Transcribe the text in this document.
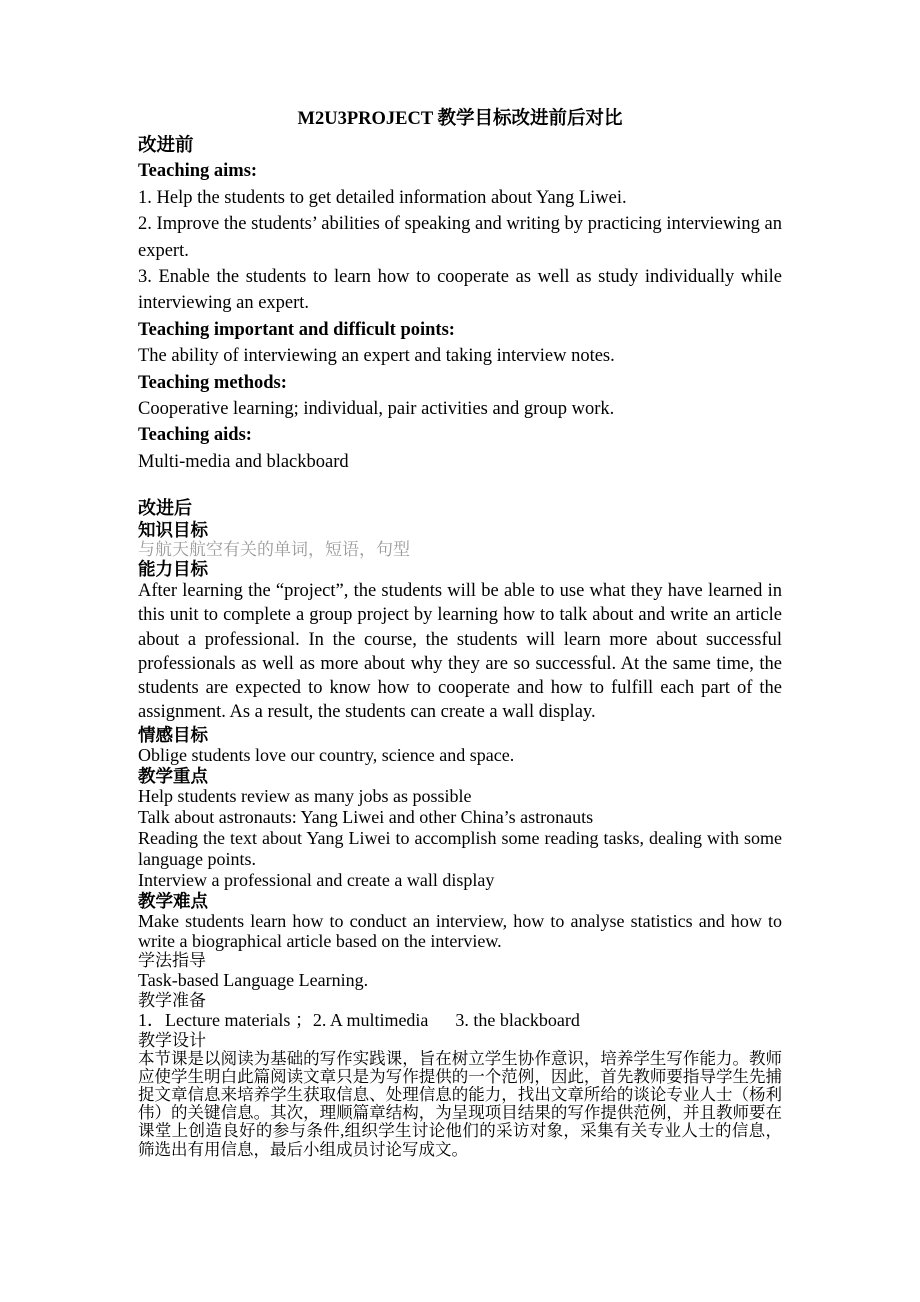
M2U3PROJECT 教学目标改进前后对比

改进前

Teaching aims:

1. Help the students to get detailed information about Yang Liwei.

2. Improve the students’ abilities of speaking and writing by practicing interviewing an expert.

3. Enable the students to learn how to cooperate as well as study individually while interviewing an expert.

Teaching important and difficult points:

The ability of interviewing an expert and taking interview notes.

Teaching methods:

Cooperative learning; individual, pair activities and group work.

Teaching aids:

Multi-media and blackboard

改进后

知识目标

与航天航空有关的单词，短语，句型

能力目标

After learning the “project”, the students will be able to use what they have learned in this unit to complete a group project by learning how to talk about and write an article about a professional. In the course, the students will learn more about successful professionals as well as more about why they are so successful. At the same time, the students are expected to know how to cooperate and how to fulfill each part of the assignment. As a result, the students can create a wall display.

情感目标

Oblige students love our country, science and space.

教学重点

Help students review as many jobs as possible

Talk about astronauts: Yang Liwei and other China’s astronauts

Reading the text about Yang Liwei to accomplish some reading tasks, dealing with some language points.

Interview a professional and create a wall display

教学难点

Make students learn how to conduct an interview, how to analyse statistics and how to write a biographical article based on the interview.

学法指导

Task-based Language Learning.

教学准备

1．Lecture materials ；2. A multimedia      3. the blackboard

教学设计

本节课是以阅读为基础的写作实践课，旨在树立学生协作意识，培养学生写作能力。教师应使学生明白此篇阅读文章只是为写作提供的一个范例，因此，首先教师要指导学生先捕捉文章信息来培养学生获取信息、处理信息的能力，找出文章所给的谈论专业人士（杨利伟）的关键信息。其次，理顺篇章结构，为呈现项目结果的写作提供范例，并且教师要在课堂上创造良好的参与条件,组织学生讨论他们的采访对象，采集有关专业人士的信息，筛选出有用信息，最后小组成员讨论写成文。
